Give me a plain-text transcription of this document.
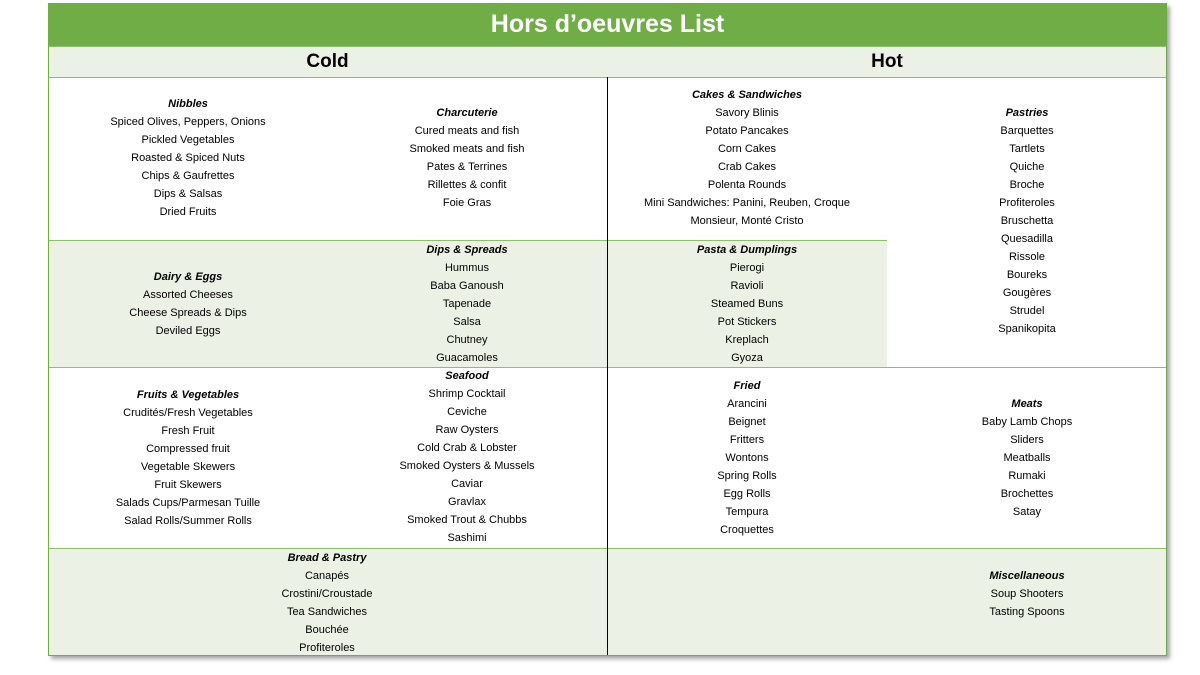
Hors d’oeuvres List
Cold	Hot
Nibbles
Spiced Olives, Peppers, Onions
Pickled Vegetables
Roasted & Spiced Nuts
Chips & Gaufrettes
Dips & Salsas
Dried Fruits
Charcuterie
Cured meats and fish
Smoked meats and fish
Pates & Terrines
Rillettes & confit
Foie Gras
Cakes & Sandwiches
Savory Blinis
Potato Pancakes
Corn Cakes
Crab Cakes
Polenta Rounds
Mini Sandwiches: Panini, Reuben, Croque
Monsieur, Monté Cristo
Pastries
Barquettes
Tartlets
Quiche
Broche
Profiteroles
Bruschetta
Quesadilla
Rissole
Boureks
Gougères
Strudel
Spanikopita
Dairy & Eggs
Assorted Cheeses
Cheese Spreads & Dips
Deviled Eggs
Dips & Spreads
Hummus
Baba Ganoush
Tapenade
Salsa
Chutney
Guacamoles
Pasta & Dumplings
Pierogi
Ravioli
Steamed Buns
Pot Stickers
Kreplach
Gyoza
Fruits & Vegetables
Crudités/Fresh Vegetables
Fresh Fruit
Compressed fruit
Vegetable Skewers
Fruit Skewers
Salads Cups/Parmesan Tuille
Salad Rolls/Summer Rolls
Seafood
Shrimp Cocktail
Ceviche
Raw Oysters
Cold Crab & Lobster
Smoked Oysters & Mussels
Caviar
Gravlax
Smoked Trout & Chubbs
Sashimi
Fried
Arancini
Beignet
Fritters
Wontons
Spring Rolls
Egg Rolls
Tempura
Croquettes
Meats
Baby Lamb Chops
Sliders
Meatballs
Rumaki
Brochettes
Satay
Bread & Pastry
Canapés
Crostini/Croustade
Tea Sandwiches
Bouchée
Profiteroles
Miscellaneous
Soup Shooters
Tasting Spoons
